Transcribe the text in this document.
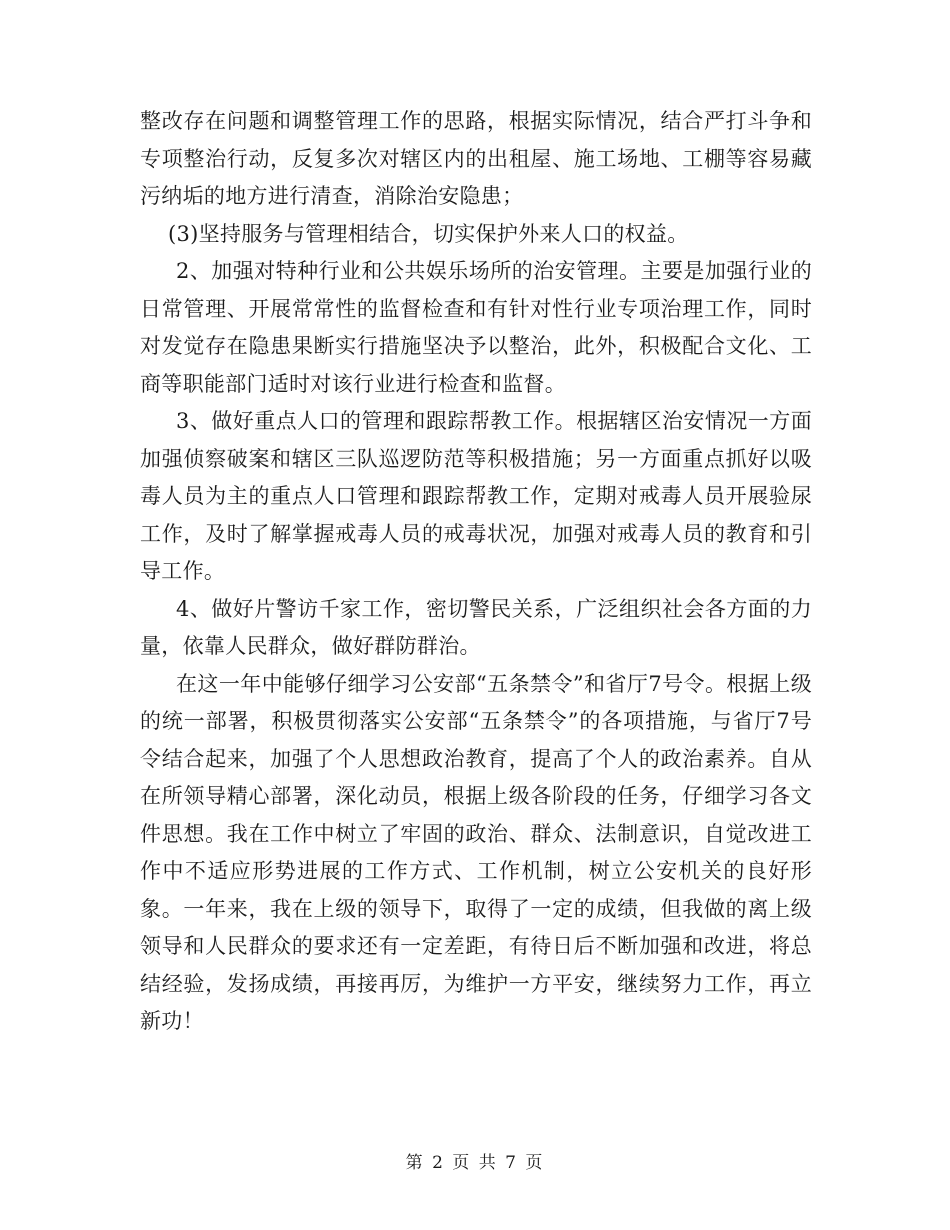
整改存在问题和调整管理工作的思路，根据实际情况，结合严打斗争和专项整治行动，反复多次对辖区内的出租屋、施工场地、工棚等容易藏污纳垢的地方进行清查，消除治安隐患；

(3)坚持服务与管理相结合，切实保护外来人口的权益。

2、加强对特种行业和公共娱乐场所的治安管理。主要是加强行业的日常管理、开展常常性的监督检查和有针对性行业专项治理工作，同时对发觉存在隐患果断实行措施坚决予以整治，此外，积极配合文化、工商等职能部门适时对该行业进行检查和监督。

3、做好重点人口的管理和跟踪帮教工作。根据辖区治安情况一方面加强侦察破案和辖区三队巡逻防范等积极措施；另一方面重点抓好以吸毒人员为主的重点人口管理和跟踪帮教工作，定期对戒毒人员开展验尿工作，及时了解掌握戒毒人员的戒毒状况，加强对戒毒人员的教育和引导工作。

4、做好片警访千家工作，密切警民关系，广泛组织社会各方面的力量，依靠人民群众，做好群防群治。

在这一年中能够仔细学习公安部“五条禁令”和省厅7号令。根据上级的统一部署，积极贯彻落实公安部“五条禁令”的各项措施，与省厅7号令结合起来，加强了个人思想政治教育，提高了个人的政治素养。自从在所领导精心部署，深化动员，根据上级各阶段的任务，仔细学习各文件思想。我在工作中树立了牢固的政治、群众、法制意识，自觉改进工作中不适应形势进展的工作方式、工作机制，树立公安机关的良好形象。一年来，我在上级的领导下，取得了一定的成绩，但我做的离上级领导和人民群众的要求还有一定差距，有待日后不断加强和改进，将总结经验，发扬成绩，再接再厉，为维护一方平安，继续努力工作，再立新功！

第 2 页 共 7 页
